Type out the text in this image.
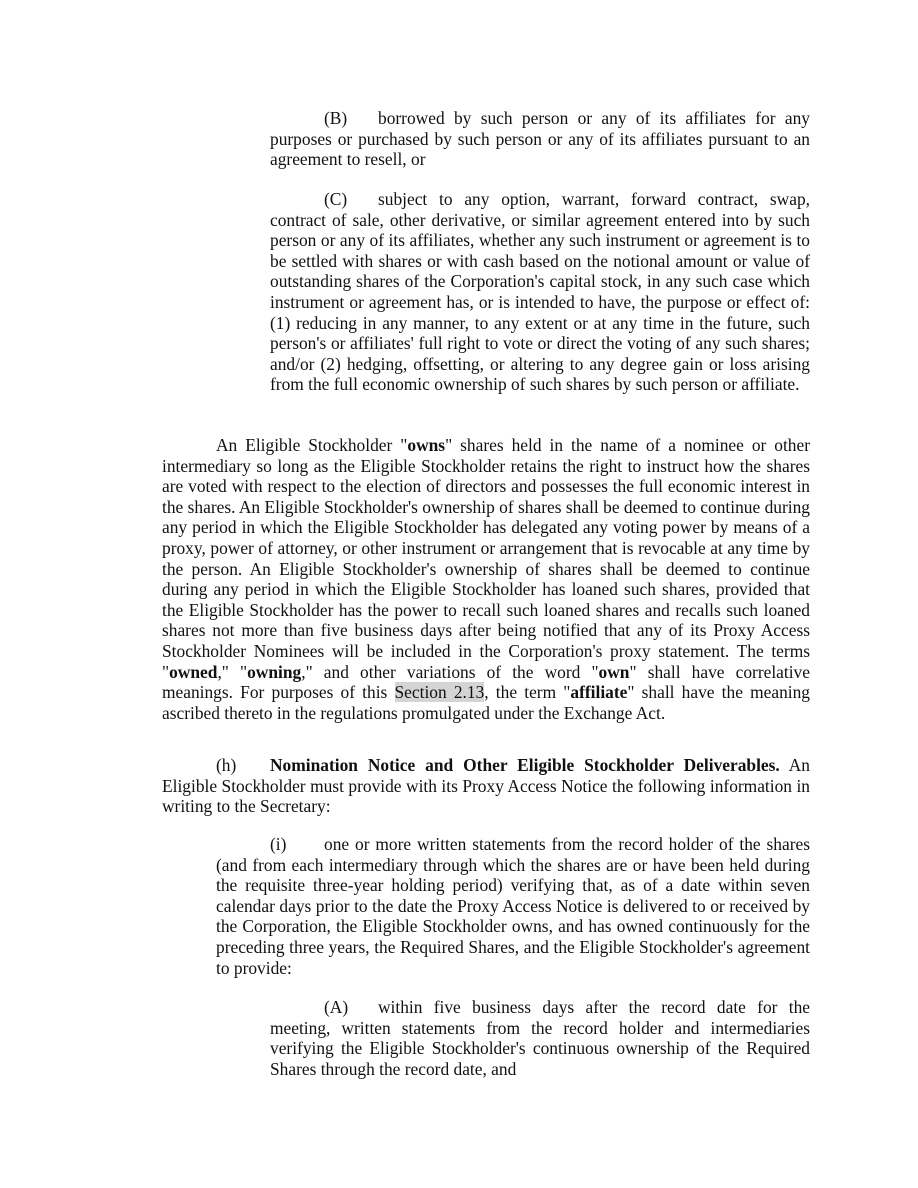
(B) borrowed by such person or any of its affiliates for any purposes or purchased by such person or any of its affiliates pursuant to an agreement to resell, or

(C) subject to any option, warrant, forward contract, swap, contract of sale, other derivative, or similar agreement entered into by such person or any of its affiliates, whether any such instrument or agreement is to be settled with shares or with cash based on the notional amount or value of outstanding shares of the Corporation's capital stock, in any such case which instrument or agreement has, or is intended to have, the purpose or effect of: (1) reducing in any manner, to any extent or at any time in the future, such person's or affiliates' full right to vote or direct the voting of any such shares; and/or (2) hedging, offsetting, or altering to any degree gain or loss arising from the full economic ownership of such shares by such person or affiliate.

An Eligible Stockholder "owns" shares held in the name of a nominee or other intermediary so long as the Eligible Stockholder retains the right to instruct how the shares are voted with respect to the election of directors and possesses the full economic interest in the shares. An Eligible Stockholder's ownership of shares shall be deemed to continue during any period in which the Eligible Stockholder has delegated any voting power by means of a proxy, power of attorney, or other instrument or arrangement that is revocable at any time by the person. An Eligible Stockholder's ownership of shares shall be deemed to continue during any period in which the Eligible Stockholder has loaned such shares, provided that the Eligible Stockholder has the power to recall such loaned shares and recalls such loaned shares not more than five business days after being notified that any of its Proxy Access Stockholder Nominees will be included in the Corporation's proxy statement. The terms "owned," "owning," and other variations of the word "own" shall have correlative meanings. For purposes of this Section 2.13, the term "affiliate" shall have the meaning ascribed thereto in the regulations promulgated under the Exchange Act.

(h) Nomination Notice and Other Eligible Stockholder Deliverables. An Eligible Stockholder must provide with its Proxy Access Notice the following information in writing to the Secretary:

(i) one or more written statements from the record holder of the shares (and from each intermediary through which the shares are or have been held during the requisite three-year holding period) verifying that, as of a date within seven calendar days prior to the date the Proxy Access Notice is delivered to or received by the Corporation, the Eligible Stockholder owns, and has owned continuously for the preceding three years, the Required Shares, and the Eligible Stockholder's agreement to provide:

(A) within five business days after the record date for the meeting, written statements from the record holder and intermediaries verifying the Eligible Stockholder's continuous ownership of the Required Shares through the record date, and
